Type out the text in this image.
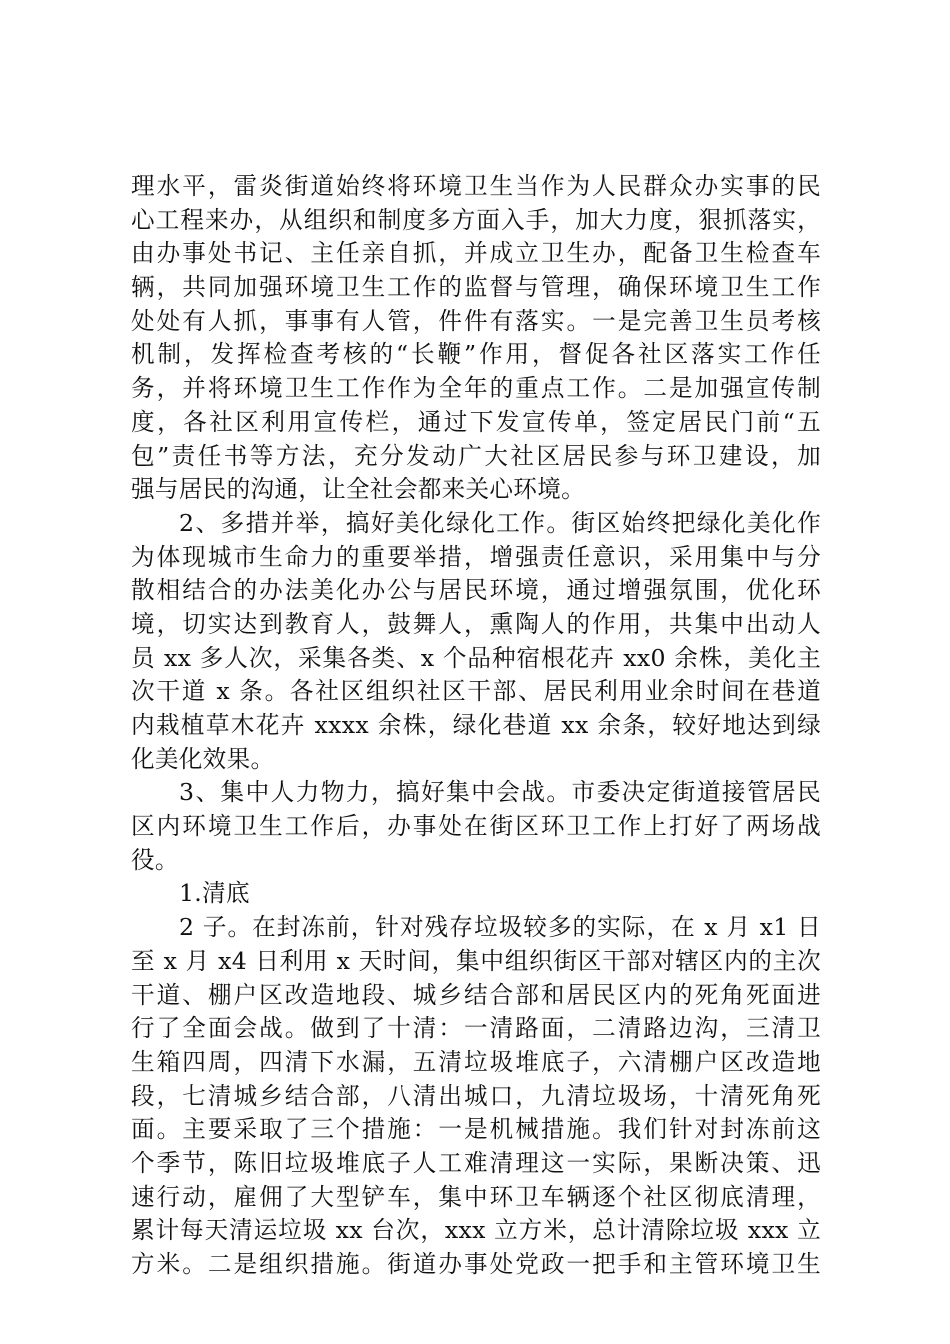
理水平，雷炎街道始终将环境卫生当作为人民群众办实事的民
心工程来办，从组织和制度多方面入手，加大力度，狠抓落实，
由办事处书记、主任亲自抓，并成立卫生办，配备卫生检查车
辆，共同加强环境卫生工作的监督与管理，确保环境卫生工作
处处有人抓，事事有人管，件件有落实。一是完善卫生员考核
机制，发挥检查考核的“长鞭”作用，督促各社区落实工作任
务，并将环境卫生工作作为全年的重点工作。二是加强宣传制
度，各社区利用宣传栏，通过下发宣传单，签定居民门前“五
包”责任书等方法，充分发动广大社区居民参与环卫建设，加
强与居民的沟通，让全社会都来关心环境。
2、多措并举，搞好美化绿化工作。街区始终把绿化美化作
为体现城市生命力的重要举措，增强责任意识，采用集中与分
散相结合的办法美化办公与居民环境，通过增强氛围，优化环
境，切实达到教育人，鼓舞人，熏陶人的作用，共集中出动人
员 xx 多人次，采集各类、x 个品种宿根花卉 xx0 余株，美化主
次干道 x 条。各社区组织社区干部、居民利用业余时间在巷道
内栽植草木花卉 xxxx 余株，绿化巷道 xx 余条，较好地达到绿
化美化效果。
3、集中人力物力，搞好集中会战。市委决定街道接管居民
区内环境卫生工作后，办事处在街区环卫工作上打好了两场战
役。
1.清底
2 子。在封冻前，针对残存垃圾较多的实际，在 x 月 x1 日
至 x 月 x4 日利用 x 天时间，集中组织街区干部对辖区内的主次
干道、棚户区改造地段、城乡结合部和居民区内的死角死面进
行了全面会战。做到了十清：一清路面，二清路边沟，三清卫
生箱四周，四清下水漏，五清垃圾堆底子，六清棚户区改造地
段，七清城乡结合部，八清出城口，九清垃圾场，十清死角死
面。主要采取了三个措施：一是机械措施。我们针对封冻前这
个季节，陈旧垃圾堆底子人工难清理这一实际，果断决策、迅
速行动，雇佣了大型铲车，集中环卫车辆逐个社区彻底清理，
累计每天清运垃圾 xx 台次，xxx 立方米，总计清除垃圾 xxx 立
方米。二是组织措施。街道办事处党政一把手和主管环境卫生
